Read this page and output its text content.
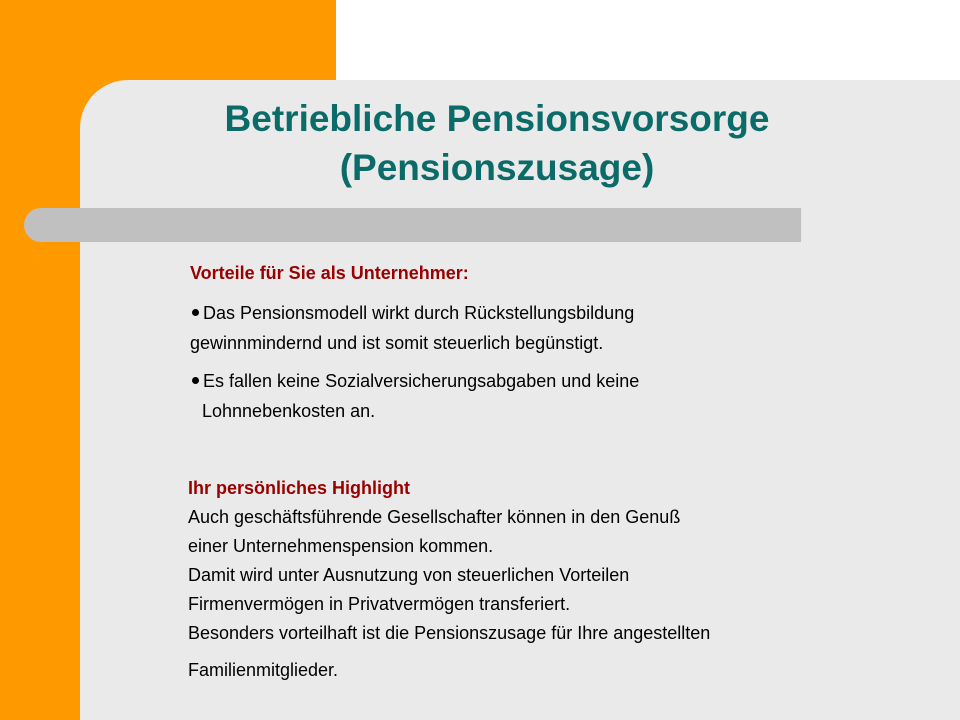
Betriebliche Pensionsvorsorge
(Pensionszusage)

Vorteile für Sie als Unternehmer:

Das Pensionsmodell wirkt durch Rückstellungsbildung
gewinnmindernd und ist somit steuerlich begünstigt.

Es fallen keine Sozialversicherungsabgaben und keine
Lohnnebenkosten an.

Ihr persönliches Highlight
Auch geschäftsführende Gesellschafter können in den Genuß
einer Unternehmenspension kommen.
Damit wird unter Ausnutzung von steuerlichen Vorteilen
Firmenvermögen in Privatvermögen transferiert.
Besonders vorteilhaft ist die Pensionszusage für Ihre angestellten
Familienmitglieder.
